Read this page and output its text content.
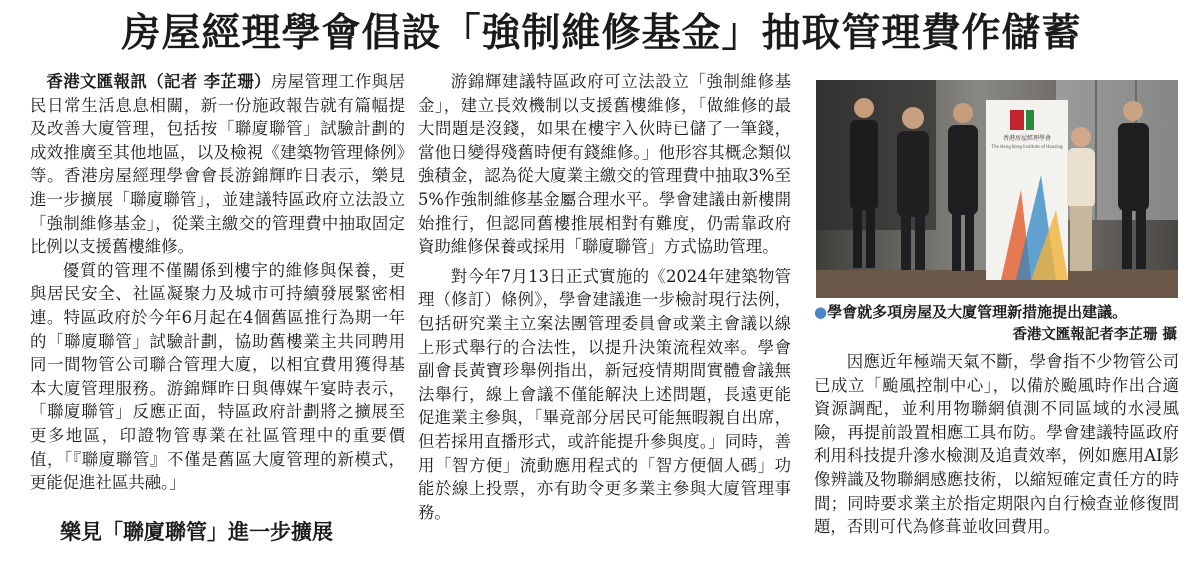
房屋經理學會倡設「強制維修基金」抽取管理費作儲蓄

香港文匯報訊（記者 李芷珊）房屋管理工作與居民日常生活息息相關，新一份施政報告就有篇幅提及改善大廈管理，包括按「聯廈聯管」試驗計劃的成效推廣至其他地區，以及檢視《建築物管理條例》等。香港房屋經理學會會長游錦輝昨日表示，樂見進一步擴展「聯廈聯管」，並建議特區政府立法設立「強制維修基金」，從業主繳交的管理費中抽取固定比例以支援舊樓維修。

優質的管理不僅關係到樓宇的維修與保養，更與居民安全、社區凝聚力及城市可持續發展緊密相連。特區政府於今年6月起在4個舊區推行為期一年的「聯廈聯管」試驗計劃，協助舊樓業主共同聘用同一間物管公司聯合管理大廈，以相宜費用獲得基本大廈管理服務。游錦輝昨日與傳媒午宴時表示，「聯廈聯管」反應正面，特區政府計劃將之擴展至更多地區，印證物管專業在社區管理中的重要價值，「『聯廈聯管』不僅是舊區大廈管理的新模式，更能促進社區共融。」

樂見「聯廈聯管」進一步擴展

游錦輝建議特區政府可立法設立「強制維修基金」，建立長效機制以支援舊樓維修，「做維修的最大問題是沒錢，如果在樓宇入伙時已儲了一筆錢，當他日變得殘舊時便有錢維修。」他形容其概念類似強積金，認為從大廈業主繳交的管理費中抽取3%至5%作強制維修基金屬合理水平。學會建議由新樓開始推行，但認同舊樓推展相對有難度，仍需靠政府資助維修保養或採用「聯廈聯管」方式協助管理。

對今年7月13日正式實施的《2024年建築物管理（修訂）條例》，學會建議進一步檢討現行法例，包括研究業主立案法團管理委員會或業主會議以線上形式舉行的合法性，以提升決策流程效率。學會副會長黃寶珍舉例指出，新冠疫情期間實體會議無法舉行，線上會議不僅能解決上述問題，長遠更能促進業主參與，「畢竟部分居民可能無暇親自出席，但若採用直播形式，或許能提升參與度。」同時，善用「智方便」流動應用程式的「智方便個人碼」功能於線上投票，亦有助令更多業主參與大廈管理事務。

香港房屋經理學會
The Hong Kong Institute of Housing
●學會就多項房屋及大廈管理新措施提出建議。
香港文匯報記者李芷珊 攝

因應近年極端天氣不斷，學會指不少物管公司已成立「颱風控制中心」，以備於颱風時作出合適資源調配，並利用物聯網偵測不同區域的水浸風險，再提前設置相應工具布防。學會建議特區政府利用科技提升滲水檢測及追責效率，例如應用AI影像辨識及物聯網感應技術，以縮短確定責任方的時間；同時要求業主於指定期限內自行檢查並修復問題，否則可代為修葺並收回費用。
